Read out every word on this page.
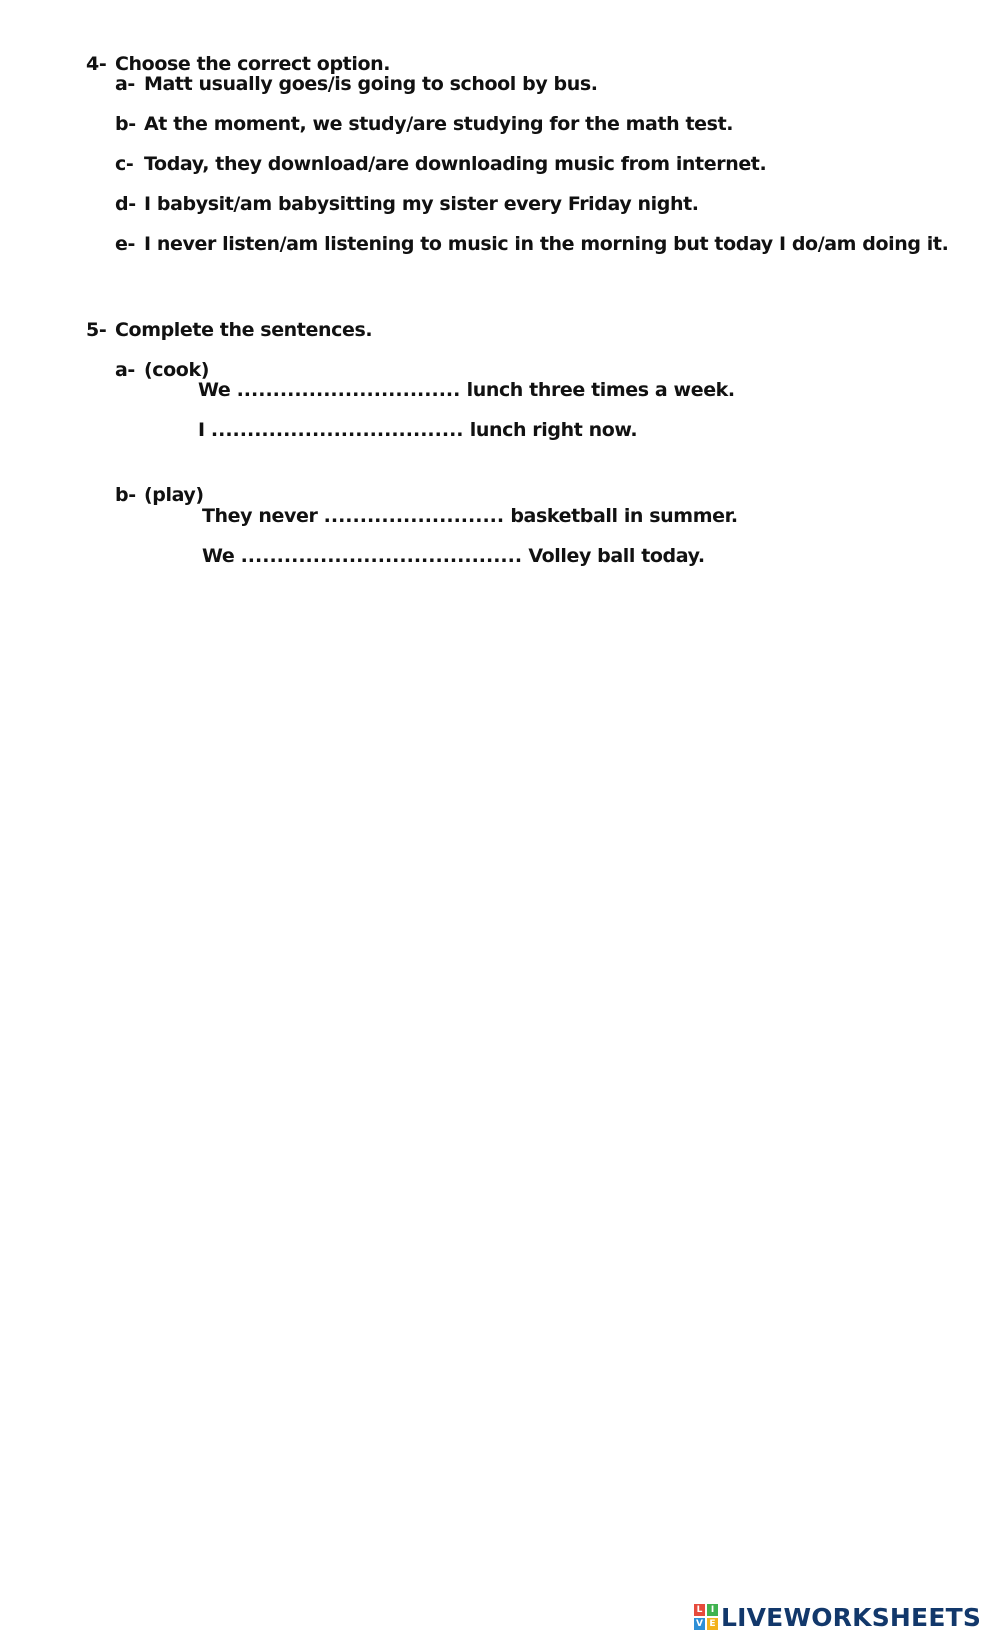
4- Choose the correct option.
a- Matt usually goes/is going to school by bus.
b- At the moment, we study/are studying for the math test.
c- Today, they download/are downloading music from internet.
d- I babysit/am babysitting my sister every Friday night.
e- I never listen/am listening to music in the morning but today I do/am doing it.
5- Complete the sentences.
a- (cook)
We ............................... lunch three times a week.
I ................................... lunch right now.
b- (play)
They never ......................... basketball in summer.
We ....................................... Volley ball today.
L I
V E LIVEWORKSHEETS
